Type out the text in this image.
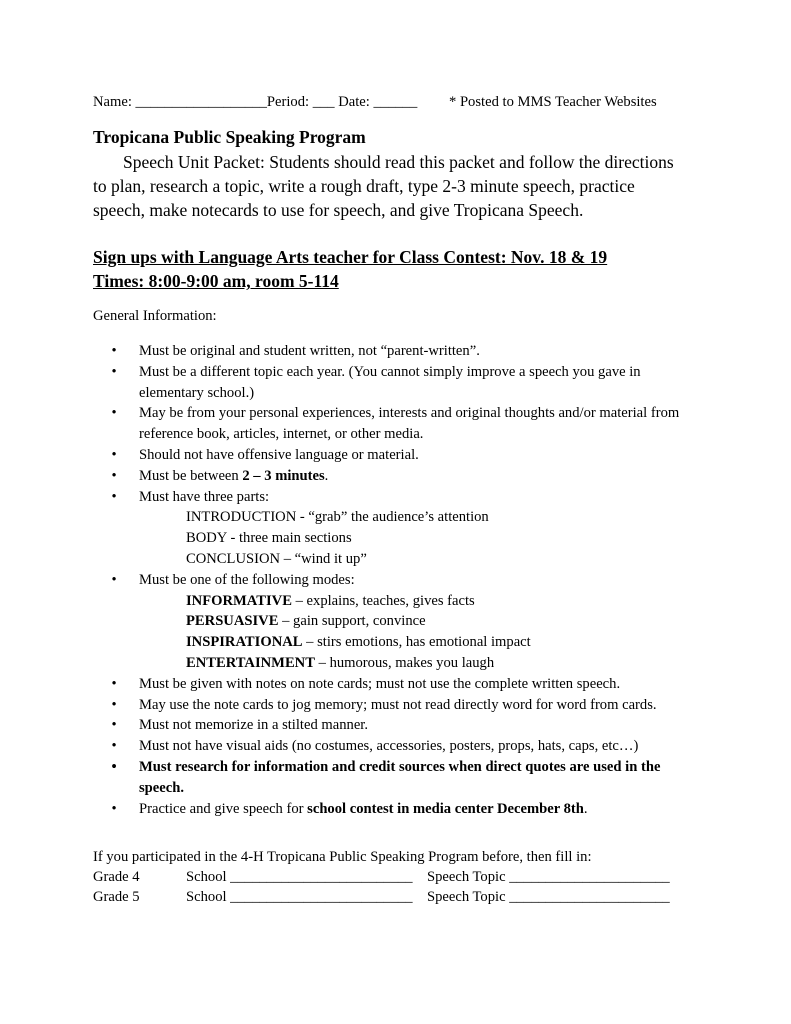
Name: __________________Period: ___ Date: ______ * Posted to MMS Teacher Websites
Tropicana Public Speaking Program
Speech Unit Packet: Students should read this packet and follow the directions
to plan, research a topic, write a rough draft, type 2-3 minute speech, practice
speech, make notecards to use for speech, and give Tropicana Speech.
Sign ups with Language Arts teacher for Class Contest: Nov. 18 & 19
Times: 8:00-9:00 am, room 5-114
General Information:
• Must be original and student written, not “parent-written”.
• Must be a different topic each year. (You cannot simply improve a speech you gave in elementary school.)
• May be from your personal experiences, interests and original thoughts and/or material from reference book, articles, internet, or other media.
• Should not have offensive language or material.
• Must be between 2 – 3 minutes.
• Must have three parts:
INTRODUCTION - “grab” the audience’s attention
BODY - three main sections
CONCLUSION – “wind it up”
• Must be one of the following modes:
INFORMATIVE – explains, teaches, gives facts
PERSUASIVE – gain support, convince
INSPIRATIONAL – stirs emotions, has emotional impact
ENTERTAINMENT – humorous, makes you laugh
• Must be given with notes on note cards; must not use the complete written speech.
• May use the note cards to jog memory; must not read directly word for word from cards.
• Must not memorize in a stilted manner.
• Must not have visual aids (no costumes, accessories, posters, props, hats, caps, etc…)
• Must research for information and credit sources when direct quotes are used in the speech.
• Practice and give speech for school contest in media center December 8th.
If you participated in the 4-H Tropicana Public Speaking Program before, then fill in:
Grade 4	School _________________________ Speech Topic ______________________
Grade 5	School _________________________ Speech Topic ______________________
